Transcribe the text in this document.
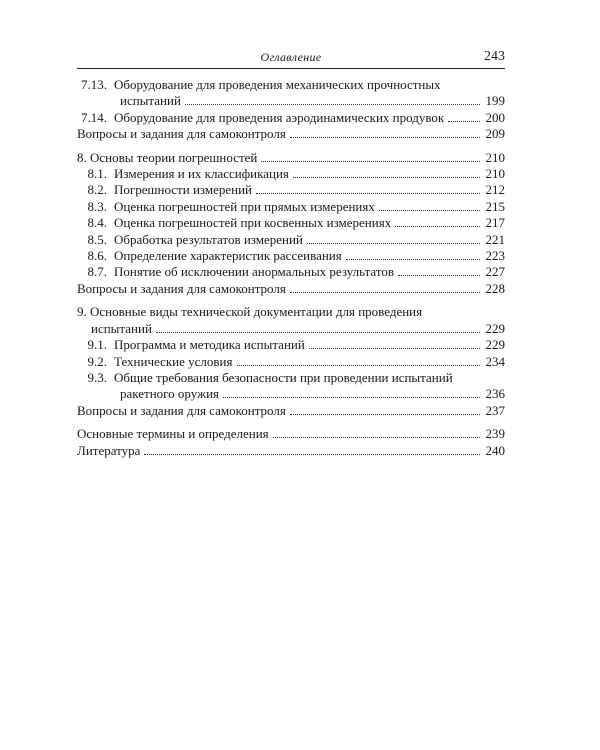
Оглавление	243
7.13. Оборудование для проведения механических прочностных
испытаний	199
7.14. Оборудование для проведения аэродинамических продувок	200
Вопросы и задания для самоконтроля	209
8. Основы теории погрешностей	210
8.1. Измерения и их классификация	210
8.2. Погрешности измерений	212
8.3. Оценка погрешностей при прямых измерениях	215
8.4. Оценка погрешностей при косвенных измерениях	217
8.5. Обработка результатов измерений	221
8.6. Определение характеристик рассеивания	223
8.7. Понятие об исключении анормальных результатов	227
Вопросы и задания для самоконтроля	228
9. Основные виды технической документации для проведения
испытаний	229
9.1. Программа и методика испытаний	229
9.2. Технические условия	234
9.3. Общие требования безопасности при проведении испытаний
ракетного оружия	236
Вопросы и задания для самоконтроля	237
Основные термины и определения	239
Литература	240
